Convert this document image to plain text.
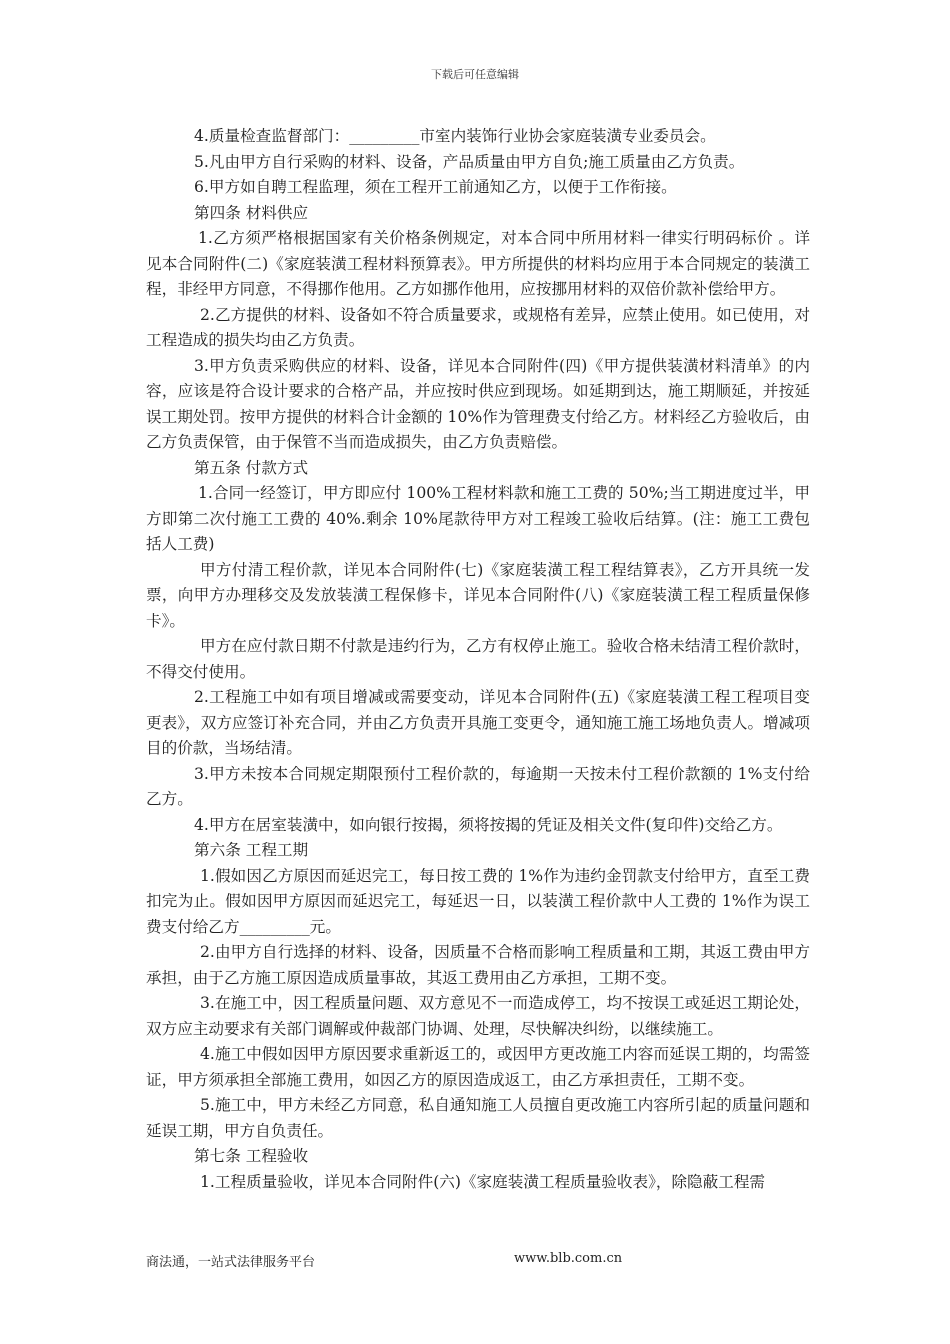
下载后可任意编辑

4.质量检查监督部门：_________市室内装饰行业协会家庭装潢专业委员会。

5.凡由甲方自行采购的材料、设备，产品质量由甲方自负;施工质量由乙方负责。

6.甲方如自聘工程监理，须在工程开工前通知乙方，以便于工作衔接。

第四条 材料供应

1.乙方须严格根据国家有关价格条例规定，对本合同中所用材料一律实行明码标价 。详见本合同附件(二)《家庭装潢工程材料预算表》。甲方所提供的材料均应用于本合同规定的装潢工程，非经甲方同意，不得挪作他用。乙方如挪作他用，应按挪用材料的双倍价款补偿给甲方。

2.乙方提供的材料、设备如不符合质量要求，或规格有差异，应禁止使用。如已使用，对工程造成的损失均由乙方负责。

3.甲方负责采购供应的材料、设备，详见本合同附件(四)《甲方提供装潢材料清单》的内容，应该是符合设计要求的合格产品，并应按时供应到现场。如延期到达，施工期顺延，并按延误工期处罚。按甲方提供的材料合计金额的 10%作为管理费支付给乙方。材料经乙方验收后，由乙方负责保管，由于保管不当而造成损失，由乙方负责赔偿。

第五条 付款方式

1.合同一经签订，甲方即应付 100%工程材料款和施工工费的 50%;当工期进度过半，甲方即第二次付施工工费的 40%.剩余 10%尾款待甲方对工程竣工验收后结算。(注：施工工费包括人工费)

甲方付清工程价款，详见本合同附件(七)《家庭装潢工程工程结算表》，乙方开具统一发票，向甲方办理移交及发放装潢工程保修卡，详见本合同附件(八)《家庭装潢工程工程质量保修卡》。

甲方在应付款日期不付款是违约行为，乙方有权停止施工。验收合格未结清工程价款时，不得交付使用。

2.工程施工中如有项目增减或需要变动，详见本合同附件(五)《家庭装潢工程工程项目变更表》，双方应签订补充合同，并由乙方负责开具施工变更令，通知施工施工场地负责人。增减项目的价款，当场结清。

3.甲方未按本合同规定期限预付工程价款的，每逾期一天按未付工程价款额的 1%支付给乙方。

4.甲方在居室装潢中，如向银行按揭，须将按揭的凭证及相关文件(复印件)交给乙方。

第六条 工程工期

1.假如因乙方原因而延迟完工，每日按工费的 1%作为违约金罚款支付给甲方，直至工费扣完为止。假如因甲方原因而延迟完工，每延迟一日，以装潢工程价款中人工费的 1%作为误工费支付给乙方_________元。

2.由甲方自行选择的材料、设备，因质量不合格而影响工程质量和工期，其返工费由甲方承担，由于乙方施工原因造成质量事故，其返工费用由乙方承担，工期不变。

3.在施工中，因工程质量问题、双方意见不一而造成停工，均不按误工或延迟工期论处，双方应主动要求有关部门调解或仲裁部门协调、处理，尽快解决纠纷，以继续施工。

4.施工中假如因甲方原因要求重新返工的，或因甲方更改施工内容而延误工期的，均需签证，甲方须承担全部施工费用，如因乙方的原因造成返工，由乙方承担责任，工期不变。

5.施工中，甲方未经乙方同意，私自通知施工人员擅自更改施工内容所引起的质量问题和延误工期，甲方自负责任。

第七条 工程验收

1.工程质量验收，详见本合同附件(六)《家庭装潢工程质量验收表》，除隐蔽工程需

商法通，一站式法律服务平台	www.blb.com.cn
